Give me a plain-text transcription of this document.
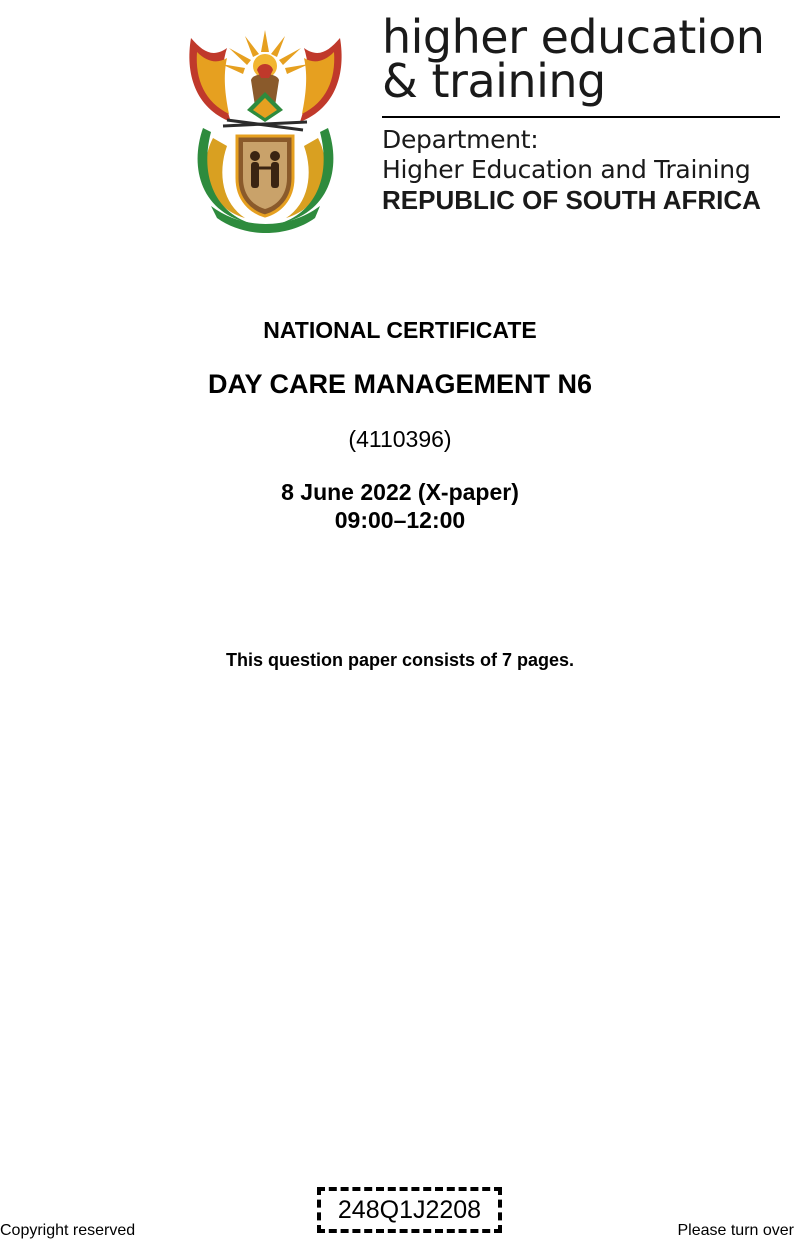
higher education
& training
Department:
Higher Education and Training
REPUBLIC OF SOUTH AFRICA
NATIONAL CERTIFICATE
DAY CARE MANAGEMENT N6
(4110396)
8 June 2022 (X-paper)
09:00–12:00
This question paper consists of 7 pages.
248Q1J2208
Copyright reserved	Please turn over
